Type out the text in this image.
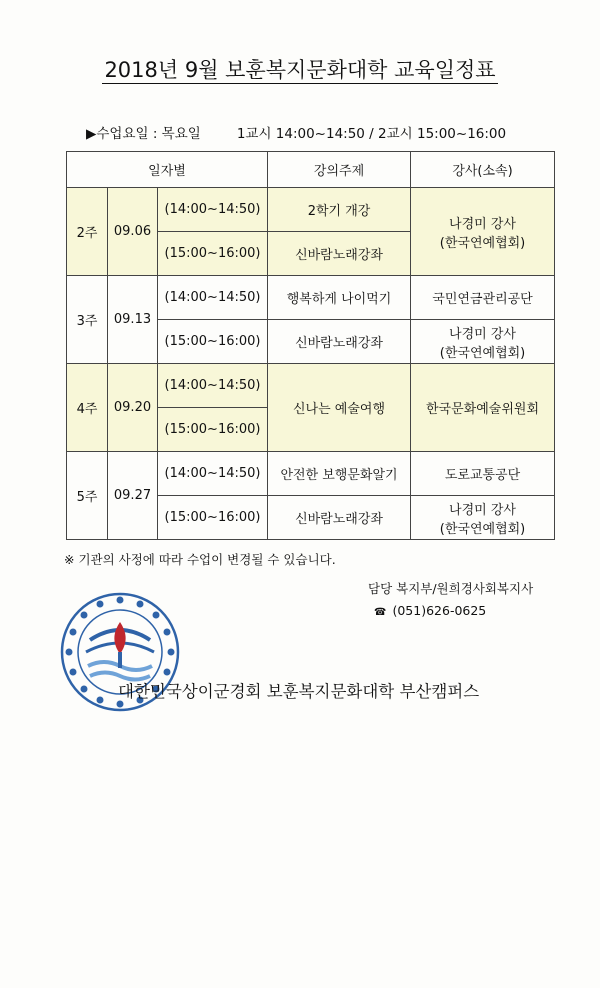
2018년 9월 보훈복지문화대학 교육일정표
▶수업요일 : 목요일	1교시 14:00~14:50 / 2교시 15:00~16:00
일자별			강의주제	강사(소속)
2주	09.06	(14:00~14:50)	2학기 개강	나경미 강사
(한국연예협회)

		(15:00~16:00)	신바람노래강좌	
3주	09.13	(14:00~14:50)	행복하게 나이먹기	국민연금관리공단
		(15:00~16:00)	신바람노래강좌	나경미 강사
(한국연예협회)

4주	09.20	(14:00~14:50)	신나는 예술여행	한국문화예술위원회
		(15:00~16:00)		
5주	09.27	(14:00~14:50)	안전한 보행문화알기	도로교통공단
		(15:00~16:00)	신바람노래강좌	나경미 강사
(한국연예협회)
※ 기관의 사정에 따라 수업이 변경될 수 있습니다.
담당 복지부/원희경사회복지사
☎ (051)626-0625
대한민국상이군경회 보훈복지문화대학 부산캠퍼스
